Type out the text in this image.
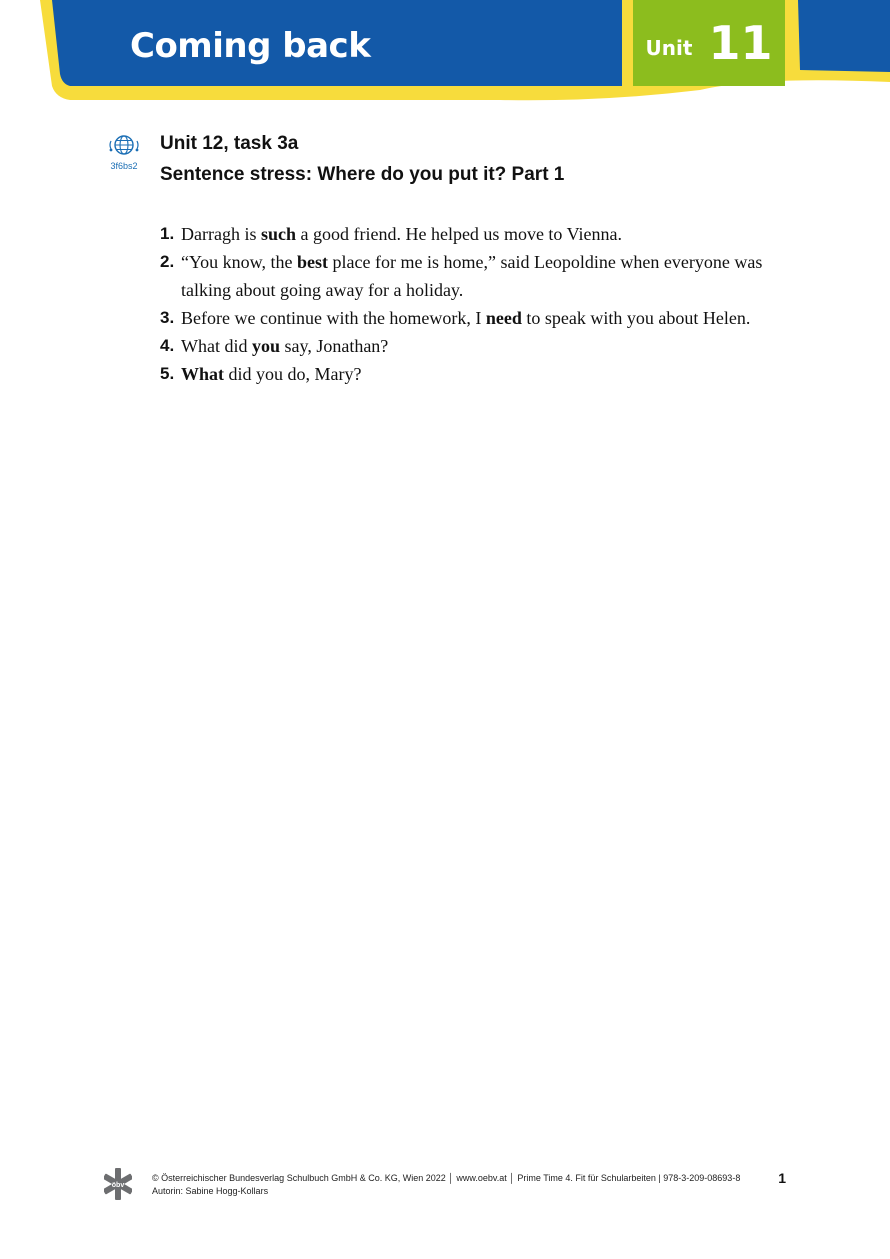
Coming back	Unit 11
3f6bs2
Unit 12, task 3a
Sentence stress: Where do you put it? Part 1
1. Darragh is such a good friend. He helped us move to Vienna.
2. “You know, the best place for me is home,” said Leopoldine when everyone was talking about going away for a holiday.
3. Before we continue with the homework, I need to speak with you about Helen.
4. What did you say, Jonathan?
5. What did you do, Mary?
öbv
© Österreichischer Bundesverlag Schulbuch GmbH & Co. KG, Wien 2022 │ www.oebv.at │ Prime Time 4. Fit für Schularbeiten | 978-3-209-08693-8
Autorin: Sabine Hogg-Kollars
1
